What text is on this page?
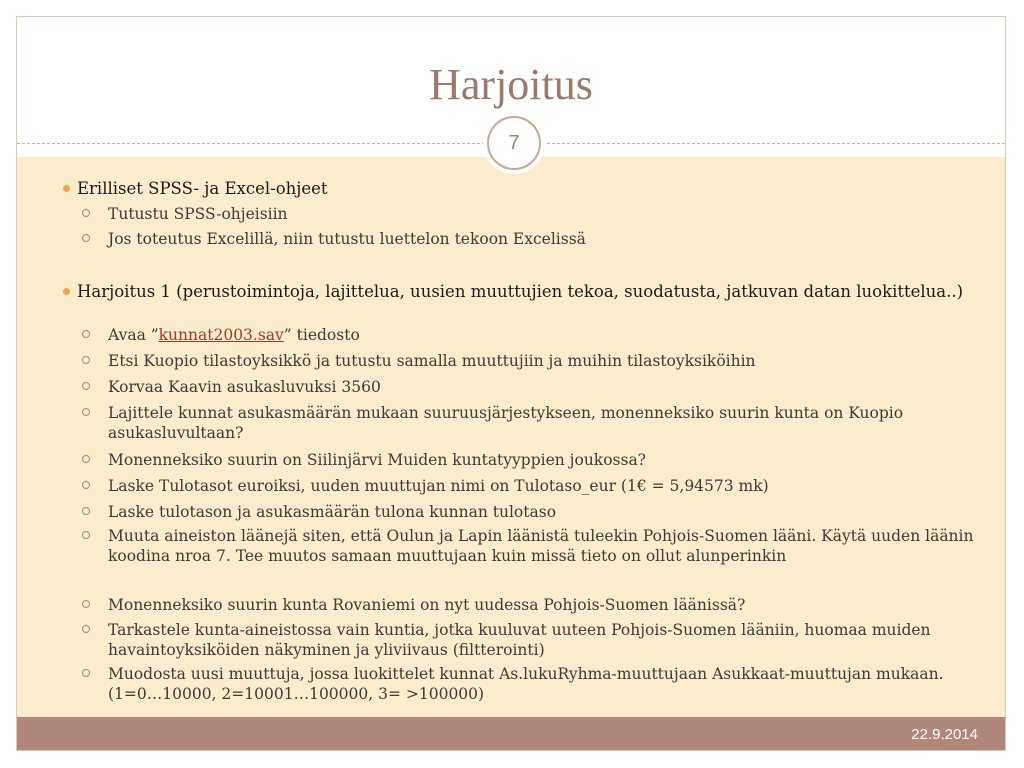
Harjoitus
7
22.9.2014
Erilliset SPSS- ja Excel-ohjeet
Tutustu SPSS-ohjeisiin
Jos toteutus Excelillä, niin tutustu luettelon tekoon Excelissä
Harjoitus 1 (perustoimintoja, lajittelua, uusien muuttujien tekoa, suodatusta, jatkuvan datan luokittelua..)
Avaa ”kunnat2003.sav” tiedosto
Etsi Kuopio tilastoyksikkö ja tutustu samalla muuttujiin ja muihin tilastoyksiköihin
Korvaa Kaavin asukasluvuksi 3560
Lajittele kunnat asukasmäärän mukaan suuruusjärjestykseen, monenneksiko suurin kunta on Kuopio asukasluvultaan?
Monenneksiko suurin on Siilinjärvi Muiden kuntatyyppien joukossa?
Laske Tulotasot euroiksi, uuden muuttujan nimi on Tulotaso_eur (1€ = 5,94573 mk)
Laske tulotason ja asukasmäärän tulona kunnan tulotaso
Muuta aineiston läänejä siten, että Oulun ja Lapin läänistä tuleekin Pohjois-Suomen lääni. Käytä uuden läänin koodina nroa 7. Tee muutos samaan muuttujaan kuin missä tieto on ollut alunperinkin
Monenneksiko suurin kunta Rovaniemi on nyt uudessa Pohjois-Suomen läänissä?
Tarkastele kunta-aineistossa vain kuntia, jotka kuuluvat uuteen Pohjois-Suomen lääniin, huomaa muiden havaintoyksiköiden näkyminen ja yliviivaus (filtterointi)
Muodosta uusi muuttuja, jossa luokittelet kunnat As.lukuRyhma-muuttujaan Asukkaat-muuttujan mukaan. (1=0…10000, 2=10001…100000, 3= >100000)
